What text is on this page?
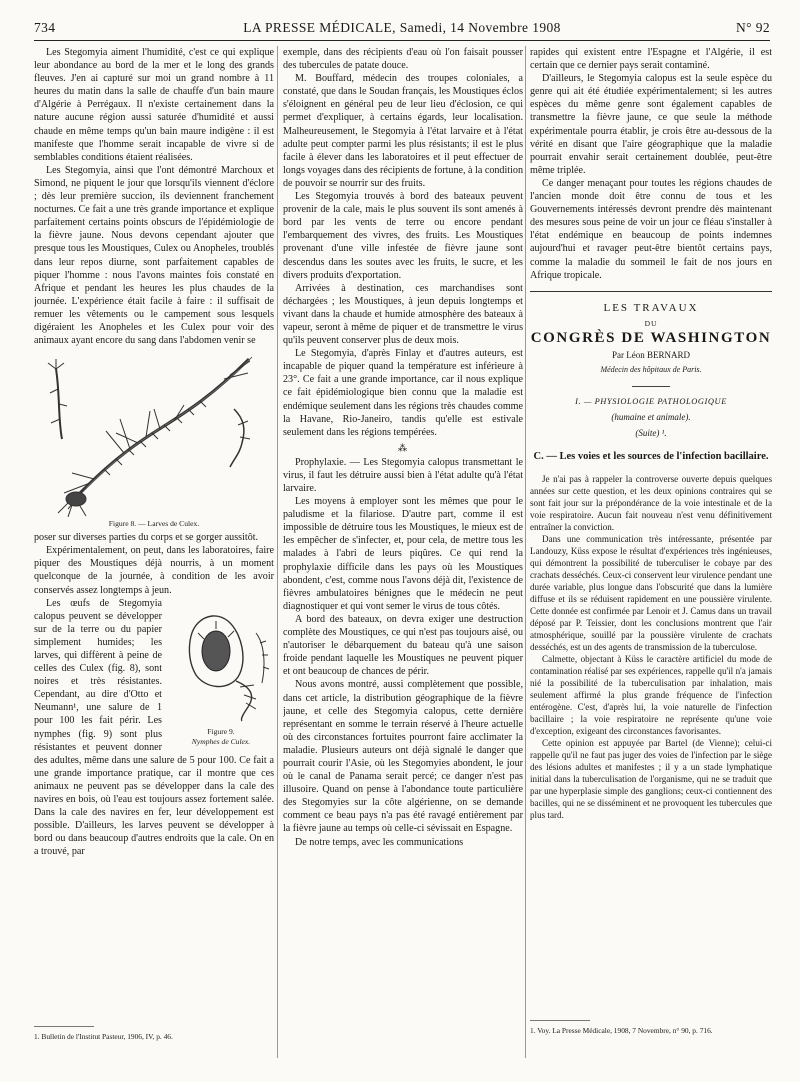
734	LA PRESSE MÉDICALE, Samedi, 14 Novembre 1908	N° 92

Les Stegomyia aiment l'humidité, c'est ce qui explique leur abondance au bord de la mer et le long des grands fleuves. J'en ai capturé sur moi un grand nombre à 11 heures du matin dans la salle de chauffe d'un bain maure d'Algérie à Perrégaux. Il n'existe certainement dans la nature aucune région aussi saturée d'humidité et aussi chaude en même temps qu'un bain maure indigène : il est manifeste que l'homme serait incapable de vivre si de semblables conditions étaient réalisées.

Les Stegomyia, ainsi que l'ont démontré Marchoux et Simond, ne piquent le jour que lorsqu'ils viennent d'éclore ; dès leur première succion, ils deviennent franchement nocturnes. Ce fait a une très grande importance et explique parfaitement certains points obscurs de l'épidémiologie de la fièvre jaune. Nous devons cependant ajouter que presque tous les Moustiques, Culex ou Anopheles, troublés dans leur repos diurne, sont parfaitement capables de piquer l'homme : nous l'avons maintes fois constaté en Afrique et pendant les heures les plus chaudes de la journée. L'expérience était facile à faire : il suffisait de remuer les vêtements ou le campement sous lesquels digéraient les Anopheles et les Culex pour voir des animaux ayant encore du sang dans l'abdomen venir se

Figure 8. — Larves de Culex.

poser sur diverses parties du corps et se gorger aussitôt.

Expérimentalement, on peut, dans les laboratoires, faire piquer des Moustiques déjà nourris, à un moment quelconque de la journée, à condition de les avoir conservés assez longtemps à jeun.

Figure 9.
Nymphes de Culex.

Les œufs de Stegomyia calopus peuvent se développer sur de la terre ou du papier simplement humides; les larves, qui diffèrent à peine de celles des Culex (fig. 8), sont noires et très résistantes. Cependant, au dire d'Otto et Neumann¹, une salure de 1 pour 100 les fait périr. Les nymphes (fig. 9) sont plus résistantes et peuvent donner des adultes, même dans une salure de 5 pour 100. Ce fait a une grande importance pratique, car il montre que ces animaux ne peuvent pas se développer dans la cale des navires en bois, où l'eau est toujours assez fortement salée. Dans la cale des navires en fer, leur développement est possible. D'ailleurs, les larves peuvent se développer à bord ou dans beaucoup d'autres endroits que la cale. On en a trouvé, par

1. Bulletin de l'Institut Pasteur, 1906, IV, p. 46.

exemple, dans des récipients d'eau où l'on faisait pousser des tubercules de patate douce.

M. Bouffard, médecin des troupes coloniales, a constaté, que dans le Soudan français, les Moustiques éclos s'éloignent en général peu de leur lieu d'éclosion, ce qui permet d'expliquer, à certains égards, leur localisation. Malheureusement, le Stegomyia à l'état larvaire et à l'état adulte peut compter parmi les plus résistants; il est le plus facile à élever dans les laboratoires et il peut effectuer de longs voyages dans des récipients de fortune, à la condition de pouvoir se nourrir sur des fruits.

Les Stegomyia trouvés à bord des bateaux peuvent provenir de la cale, mais le plus souvent ils sont amenés à bord par les vents de terre ou encore pendant l'embarquement des vivres, des fruits. Les Moustiques provenant d'une ville infestée de fièvre jaune sont descendus dans les soutes avec les fruits, le sucre, et les divers produits d'exportation.

Arrivées à destination, ces marchandises sont déchargées ; les Moustiques, à jeun depuis longtemps et vivant dans la chaude et humide atmosphère des bateaux à vapeur, seront à même de piquer et de transmettre le virus qu'ils peuvent conserver plus de deux mois.

Le Stegomyia, d'après Finlay et d'autres auteurs, est incapable de piquer quand la température est inférieure à 23°. Ce fait a une grande importance, car il nous explique ce fait épidémiologique bien connu que la maladie est endémique seulement dans les régions très chaudes comme la Havane, Rio-Janeiro, tandis qu'elle est estivale seulement dans les régions tempérées.

⁂

Prophylaxie. — Les Stegomyia calopus transmettant le virus, il faut les détruire aussi bien à l'état adulte qu'à l'état larvaire.

Les moyens à employer sont les mêmes que pour le paludisme et la filariose. D'autre part, comme il est impossible de détruire tous les Moustiques, le mieux est de les empêcher de s'infecter, et, pour cela, de mettre tous les malades à l'abri de leurs piqûres. Ce qui rend la prophylaxie difficile dans les pays où les Moustiques abondent, c'est, comme nous l'avons déjà dit, l'existence de fièvres ambulatoires bénignes que le médecin ne peut diagnostiquer et qui vont semer le virus de tous côtés.

A bord des bateaux, on devra exiger une destruction complète des Moustiques, ce qui n'est pas toujours aisé, ou n'autoriser le débarquement du bateau qu'à une saison froide pendant laquelle les Moustiques ne peuvent piquer et ont beaucoup de chances de périr.

Nous avons montré, aussi complètement que possible, dans cet article, la distribution géographique de la fièvre jaune, et celle des Stegomyia calopus, cette dernière représentant en somme le terrain réservé à l'heure actuelle où des circonstances fortuites pourront faire acclimater la maladie. Plusieurs auteurs ont déjà signalé le danger que pourrait courir l'Asie, où les Stegomyies abondent, le jour où le canal de Panama serait percé; ce danger n'est pas illusoire. Quand on pense à l'abondance toute particulière des Stegomyies sur la côte algérienne, on se demande comment ce beau pays n'a pas été ravagé entièrement par la fièvre jaune au temps où celle-ci sévissait en Espagne.

De notre temps, avec les communications

rapides qui existent entre l'Espagne et l'Algérie, il est certain que ce dernier pays serait contaminé.

D'ailleurs, le Stegomyia calopus est la seule espèce du genre qui ait été étudiée expérimentalement; si les autres espèces du même genre sont également capables de transmettre la fièvre jaune, ce que seule la méthode expérimentale pourra établir, je crois être au-dessous de la vérité en disant que l'aire géographique que la maladie pourrait envahir serait certainement doublée, peut-être même triplée.

Ce danger menaçant pour toutes les régions chaudes de l'ancien monde doit être connu de tous et les Gouvernements intéressés devront prendre dès maintenant des mesures sous peine de voir un jour ce fléau s'installer à l'état endémique en beaucoup de points indemnes aujourd'hui et ravager peut-être bientôt certains pays, comme la maladie du sommeil le fait de nos jours en Afrique tropicale.

LES TRAVAUX
DU
CONGRÈS DE WASHINGTON
Par Léon BERNARD
Médecin des hôpitaux de Paris.
I. — PHYSIOLOGIE PATHOLOGIQUE
(humaine et animale).
(Suite) ¹.
C. — Les voies et les sources de l'infection bacillaire.

Je n'ai pas à rappeler la controverse ouverte depuis quelques années sur cette question, et les deux opinions contraires qui se sont fait jour sur la prépondérance de la voie intestinale et de la voie respiratoire. Aucun fait nouveau n'est venu définitivement entraîner la conviction.

Dans une communication très intéressante, présentée par Landouzy, Küss expose le résultat d'expériences très ingénieuses, qui démontrent la possibilité de tuberculiser le cobaye par des crachats desséchés. Ceux-ci conservent leur virulence pendant une durée variable, plus longue dans l'obscurité que dans la lumière diffuse et ils se réduisent rapidement en une poussière virulente. Cette donnée est confirmée par Lenoir et J. Camus dans un travail déposé par P. Teissier, dont les conclusions montrent que l'air atmosphérique, souillé par la poussière virulente de crachats desséchés, est un des agents de transmission de la tuberculose.

Calmette, objectant à Küss le caractère artificiel du mode de contamination réalisé par ses expériences, rappelle qu'il n'a jamais nié la possibilité de la tuberculisation par inhalation, mais seulement affirmé la plus grande fréquence de l'infection entérogène. C'est, d'après lui, la voie naturelle de l'infection bacillaire ; la voie respiratoire ne représente qu'une voie d'exception, exigeant des circonstances favorisantes.

Cette opinion est appuyée par Bartel (de Vienne); celui-ci rappelle qu'il ne faut pas juger des voies de l'infection par le siège des lésions adultes et manifestes ; il y a un stade lymphatique initial dans la tuberculisation de l'organisme, qui ne se traduit que par une hyperplasie simple des ganglions; ceux-ci contiennent des bacilles, qui ne se disséminent et ne provoquent les tubercules que plus tard.

1. Voy. La Presse Médicale, 1908, 7 Novembre, n° 90, p. 716.
